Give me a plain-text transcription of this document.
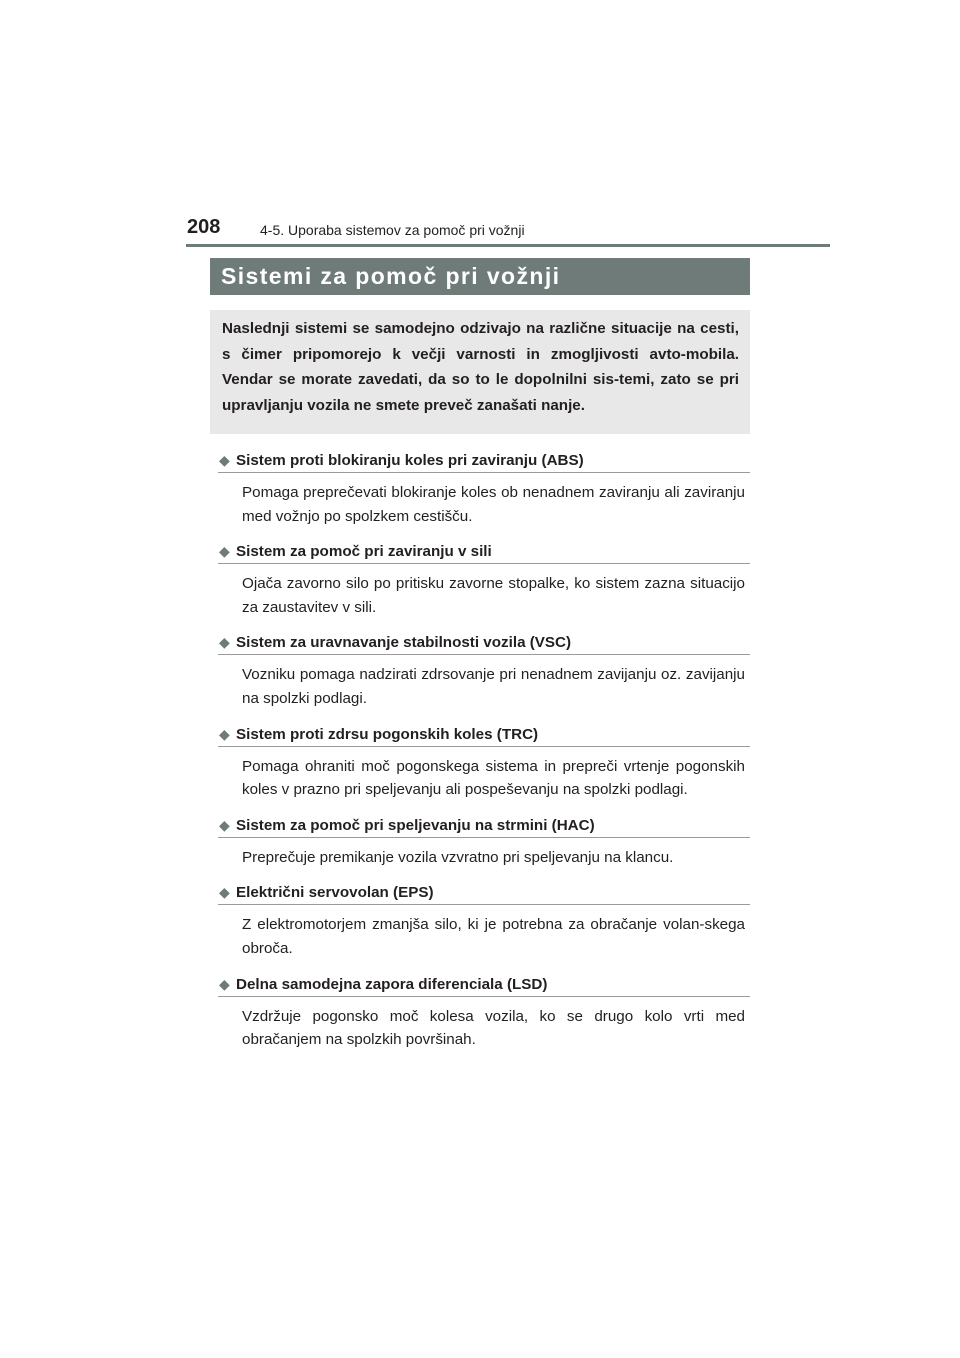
208	4-5. Uporaba sistemov za pomoč pri vožnji
Sistemi za pomoč pri vožnji
Naslednji sistemi se samodejno odzivajo na različne situacije na cesti, s čimer pripomorejo k večji varnosti in zmogljivosti avto-mobila. Vendar se morate zavedati, da so to le dopolnilni sis-temi, zato se pri upravljanju vozila ne smete preveč zanašati nanje.
◆ Sistem proti blokiranju koles pri zaviranju (ABS)
Pomaga preprečevati blokiranje koles ob nenadnem zaviranju ali zaviranju med vožnjo po spolzkem cestišču.
◆ Sistem za pomoč pri zaviranju v sili
Ojača zavorno silo po pritisku zavorne stopalke, ko sistem zazna situacijo za zaustavitev v sili.
◆ Sistem za uravnavanje stabilnosti vozila (VSC)
Vozniku pomaga nadzirati zdrsovanje pri nenadnem zavijanju oz. zavijanju na spolzki podlagi.
◆ Sistem proti zdrsu pogonskih koles (TRC)
Pomaga ohraniti moč pogonskega sistema in prepreči vrtenje pogonskih koles v prazno pri speljevanju ali pospeševanju na spolzki podlagi.
◆ Sistem za pomoč pri speljevanju na strmini (HAC)
Preprečuje premikanje vozila vzvratno pri speljevanju na klancu.
◆ Električni servovolan (EPS)
Z elektromotorjem zmanjša silo, ki je potrebna za obračanje volan-skega obroča.
◆ Delna samodejna zapora diferenciala (LSD)
Vzdržuje pogonsko moč kolesa vozila, ko se drugo kolo vrti med obračanjem na spolzkih površinah.
